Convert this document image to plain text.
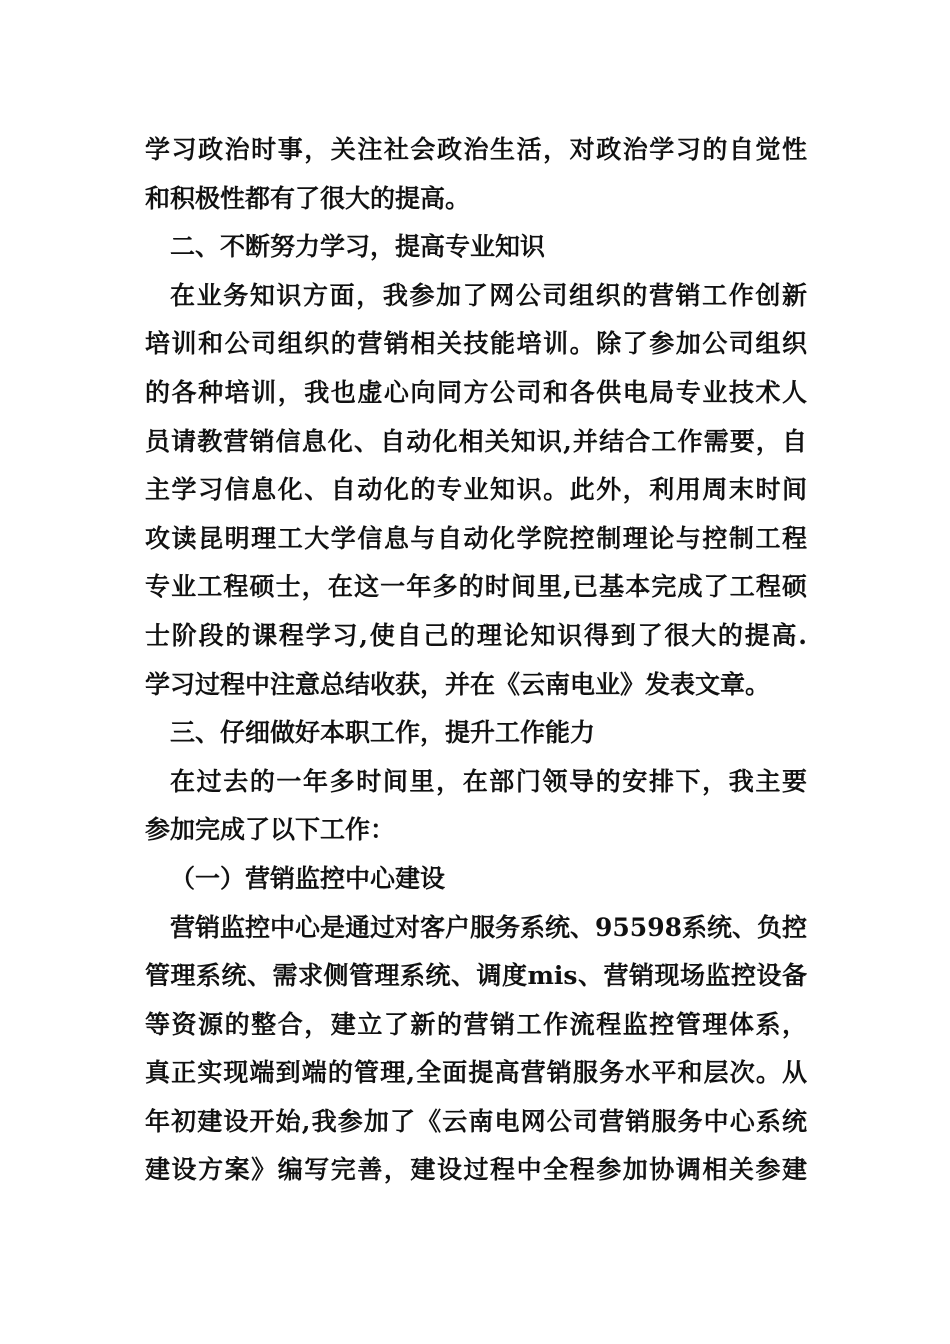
学习政治时事，关注社会政治生活，对政治学习的自觉性
和积极性都有了很大的提高。
二、不断努力学习，提高专业知识
在业务知识方面，我参加了网公司组织的营销工作创新
培训和公司组织的营销相关技能培训。除了参加公司组织
的各种培训，我也虚心向同方公司和各供电局专业技术人
员请教营销信息化、自动化相关知识,并结合工作需要，自
主学习信息化、自动化的专业知识。此外，利用周末时间
攻读昆明理工大学信息与自动化学院控制理论与控制工程
专业工程硕士，在这一年多的时间里,已基本完成了工程硕
士阶段的课程学习,使自己的理论知识得到了很大的提高.
学习过程中注意总结收获，并在《云南电业》发表文章。
三、仔细做好本职工作，提升工作能力
在过去的一年多时间里，在部门领导的安排下，我主要
参加完成了以下工作：
（一）营销监控中心建设
营销监控中心是通过对客户服务系统、95598系统、负控
管理系统、需求侧管理系统、调度mis、营销现场监控设备
等资源的整合，建立了新的营销工作流程监控管理体系，
真正实现端到端的管理,全面提高营销服务水平和层次。从
年初建设开始,我参加了《云南电网公司营销服务中心系统
建设方案》编写完善，建设过程中全程参加协调相关参建
